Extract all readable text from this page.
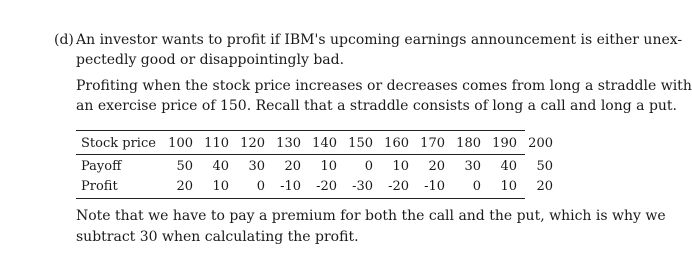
(d) An investor wants to profit if IBM's upcoming earnings announcement is either unex-
pectedly good or disappointingly bad.
Profiting when the stock price increases or decreases comes from long a straddle with
an exercise price of 150. Recall that a straddle consists of long a call and long a put.
Stock price	100	110	120	130	140	150	160	170	180	190	200

Payoff	50	40	30	20	10	0	10	20	30	40	50
Profit	20	10	0	-10	-20	-30	-20	-10	0	10	20
Note that we have to pay a premium for both the call and the put, which is why we
subtract 30 when calculating the profit.
